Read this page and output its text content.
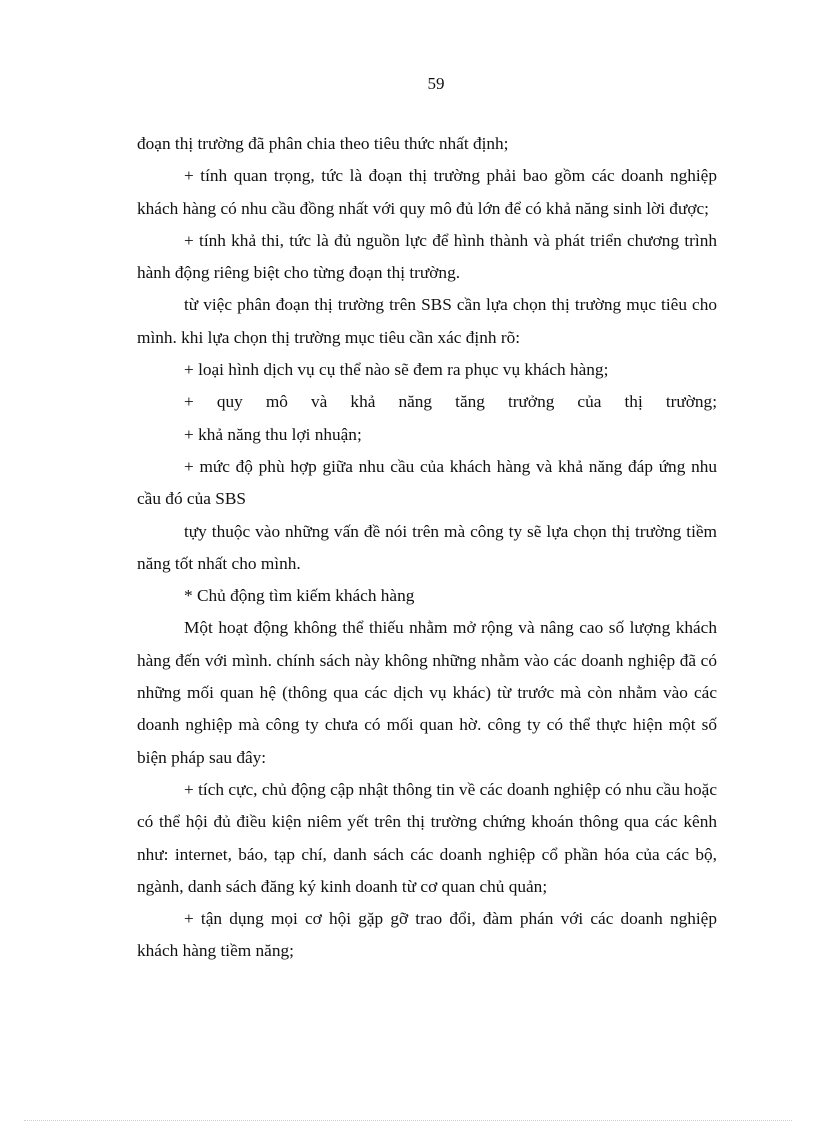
59

đoạn thị trường đã phân chia theo tiêu thức nhất định;

+ tính quan trọng, tức là đoạn thị trường phải bao gồm các doanh nghiệp khách hàng có nhu cầu đồng nhất với quy mô đủ lớn để có khả năng sinh lời được;

+ tính khả thi, tức là đủ nguồn lực để hình thành và phát triển chương trình hành động riêng biệt cho từng đoạn thị trường.

từ việc phân đoạn thị trường trên SBS cần lựa chọn thị trường mục tiêu cho mình. khi lựa chọn thị trường mục tiêu cần xác định rõ:

+ loại hình dịch vụ cụ thể nào sẽ đem ra phục vụ khách hàng;

+ quy mô và khả năng tăng trưởng của thị trường;

+ khả năng thu lợi nhuận;

+ mức độ phù hợp giữa nhu cầu của khách hàng và khả năng đáp ứng nhu cầu đó của SBS

tựy thuộc vào những vấn đề nói trên mà công ty sẽ lựa chọn thị trường tiềm năng tốt nhất cho mình.

* Chủ động tìm kiếm khách hàng

Một hoạt động không thể thiếu nhằm mở rộng và nâng cao số lượng khách hàng đến với mình. chính sách này không những nhằm vào các doanh nghiệp đã có những mối quan hệ (thông qua các dịch vụ khác) từ trước mà còn nhằm vào các doanh nghiệp mà công ty chưa có mối quan hờ. công ty có thể thực hiện một số biện pháp sau đây:

+ tích cực, chủ động cập nhật thông tin về các doanh nghiệp có nhu cầu hoặc có thể hội đủ điều kiện niêm yết trên thị trường chứng khoán thông qua các kênh như: internet, báo, tạp chí, danh sách các doanh nghiệp cổ phần hóa của các bộ, ngành, danh sách đăng ký kinh doanh từ cơ quan chủ quản;

+ tận dụng mọi cơ hội gặp gỡ trao đổi, đàm phán với các doanh nghiệp khách hàng tiềm năng;
